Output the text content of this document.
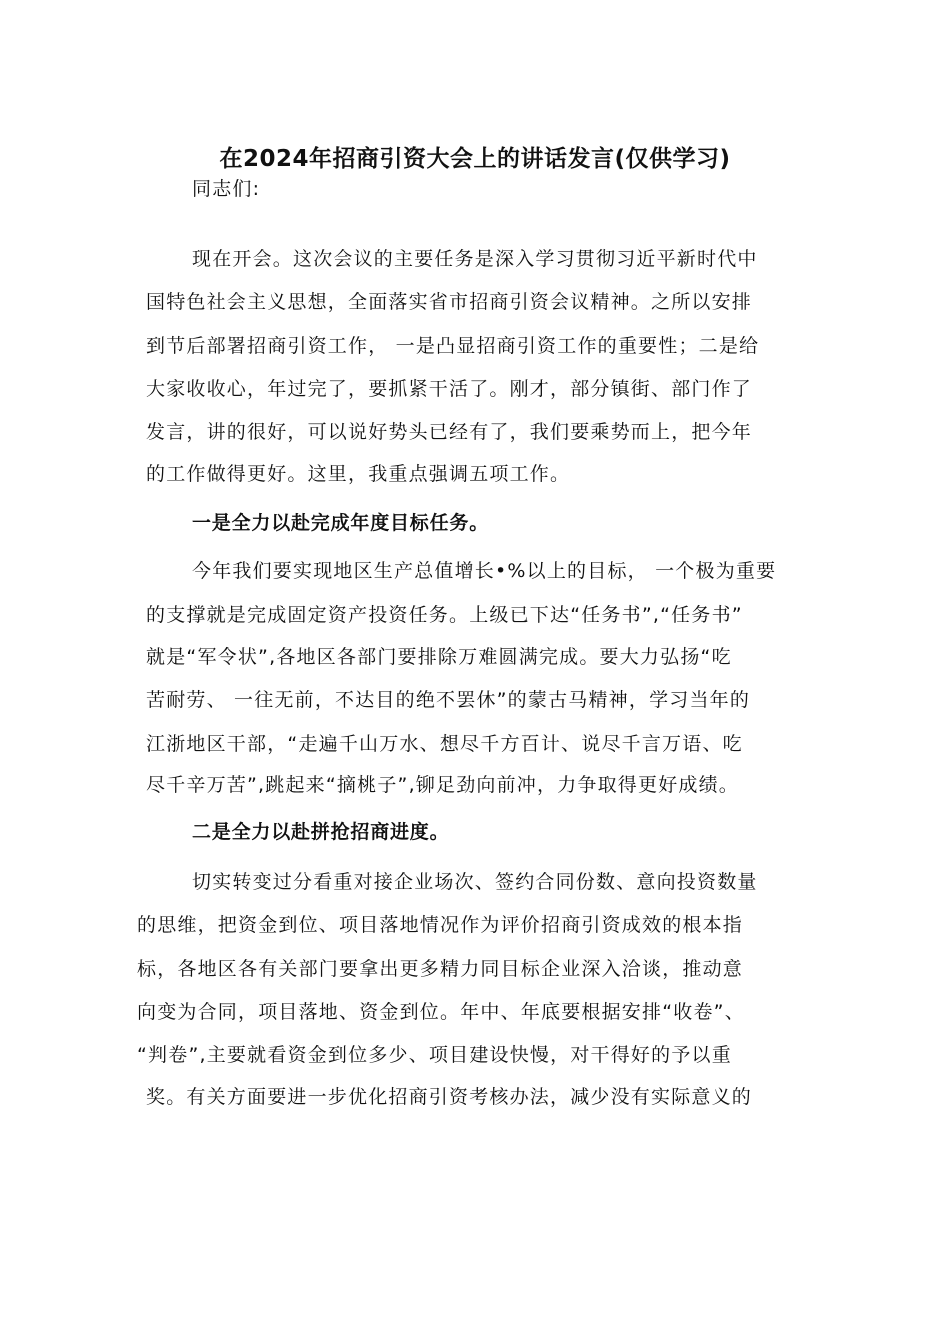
在2024年招商引资大会上的讲话发言(仅供学习)
同志们:
现在开会。这次会议的主要任务是深入学习贯彻习近平新时代中
国特色社会主义思想，全面落实省市招商引资会议精神。之所以安排
到节后部署招商引资工作， 一是凸显招商引资工作的重要性；二是给
大家收收心，年过完了，要抓紧干活了。刚才，部分镇街、部门作了
发言，讲的很好，可以说好势头已经有了，我们要乘势而上，把今年
的工作做得更好。这里，我重点强调五项工作。
一是全力以赴完成年度目标任务。
今年我们要实现地区生产总值增长•%以上的目标， 一个极为重要
的支撑就是完成固定资产投资任务。上级已下达“任务书”,“任务书”
就是“军令状”,各地区各部门要排除万难圆满完成。要大力弘扬“吃
苦耐劳、 一往无前，不达目的绝不罢休”的蒙古马精神，学习当年的
江浙地区干部，“走遍千山万水、想尽千方百计、说尽千言万语、吃
尽千辛万苦”,跳起来“摘桃子”,铆足劲向前冲，力争取得更好成绩。
二是全力以赴拼抢招商进度。
切实转变过分看重对接企业场次、签约合同份数、意向投资数量
的思维，把资金到位、项目落地情况作为评价招商引资成效的根本指
标，各地区各有关部门要拿出更多精力同目标企业深入洽谈，推动意
向变为合同，项目落地、资金到位。年中、年底要根据安排“收卷”、
“判卷”,主要就看资金到位多少、项目建设快慢，对干得好的予以重
奖。有关方面要进一步优化招商引资考核办法，减少没有实际意义的
